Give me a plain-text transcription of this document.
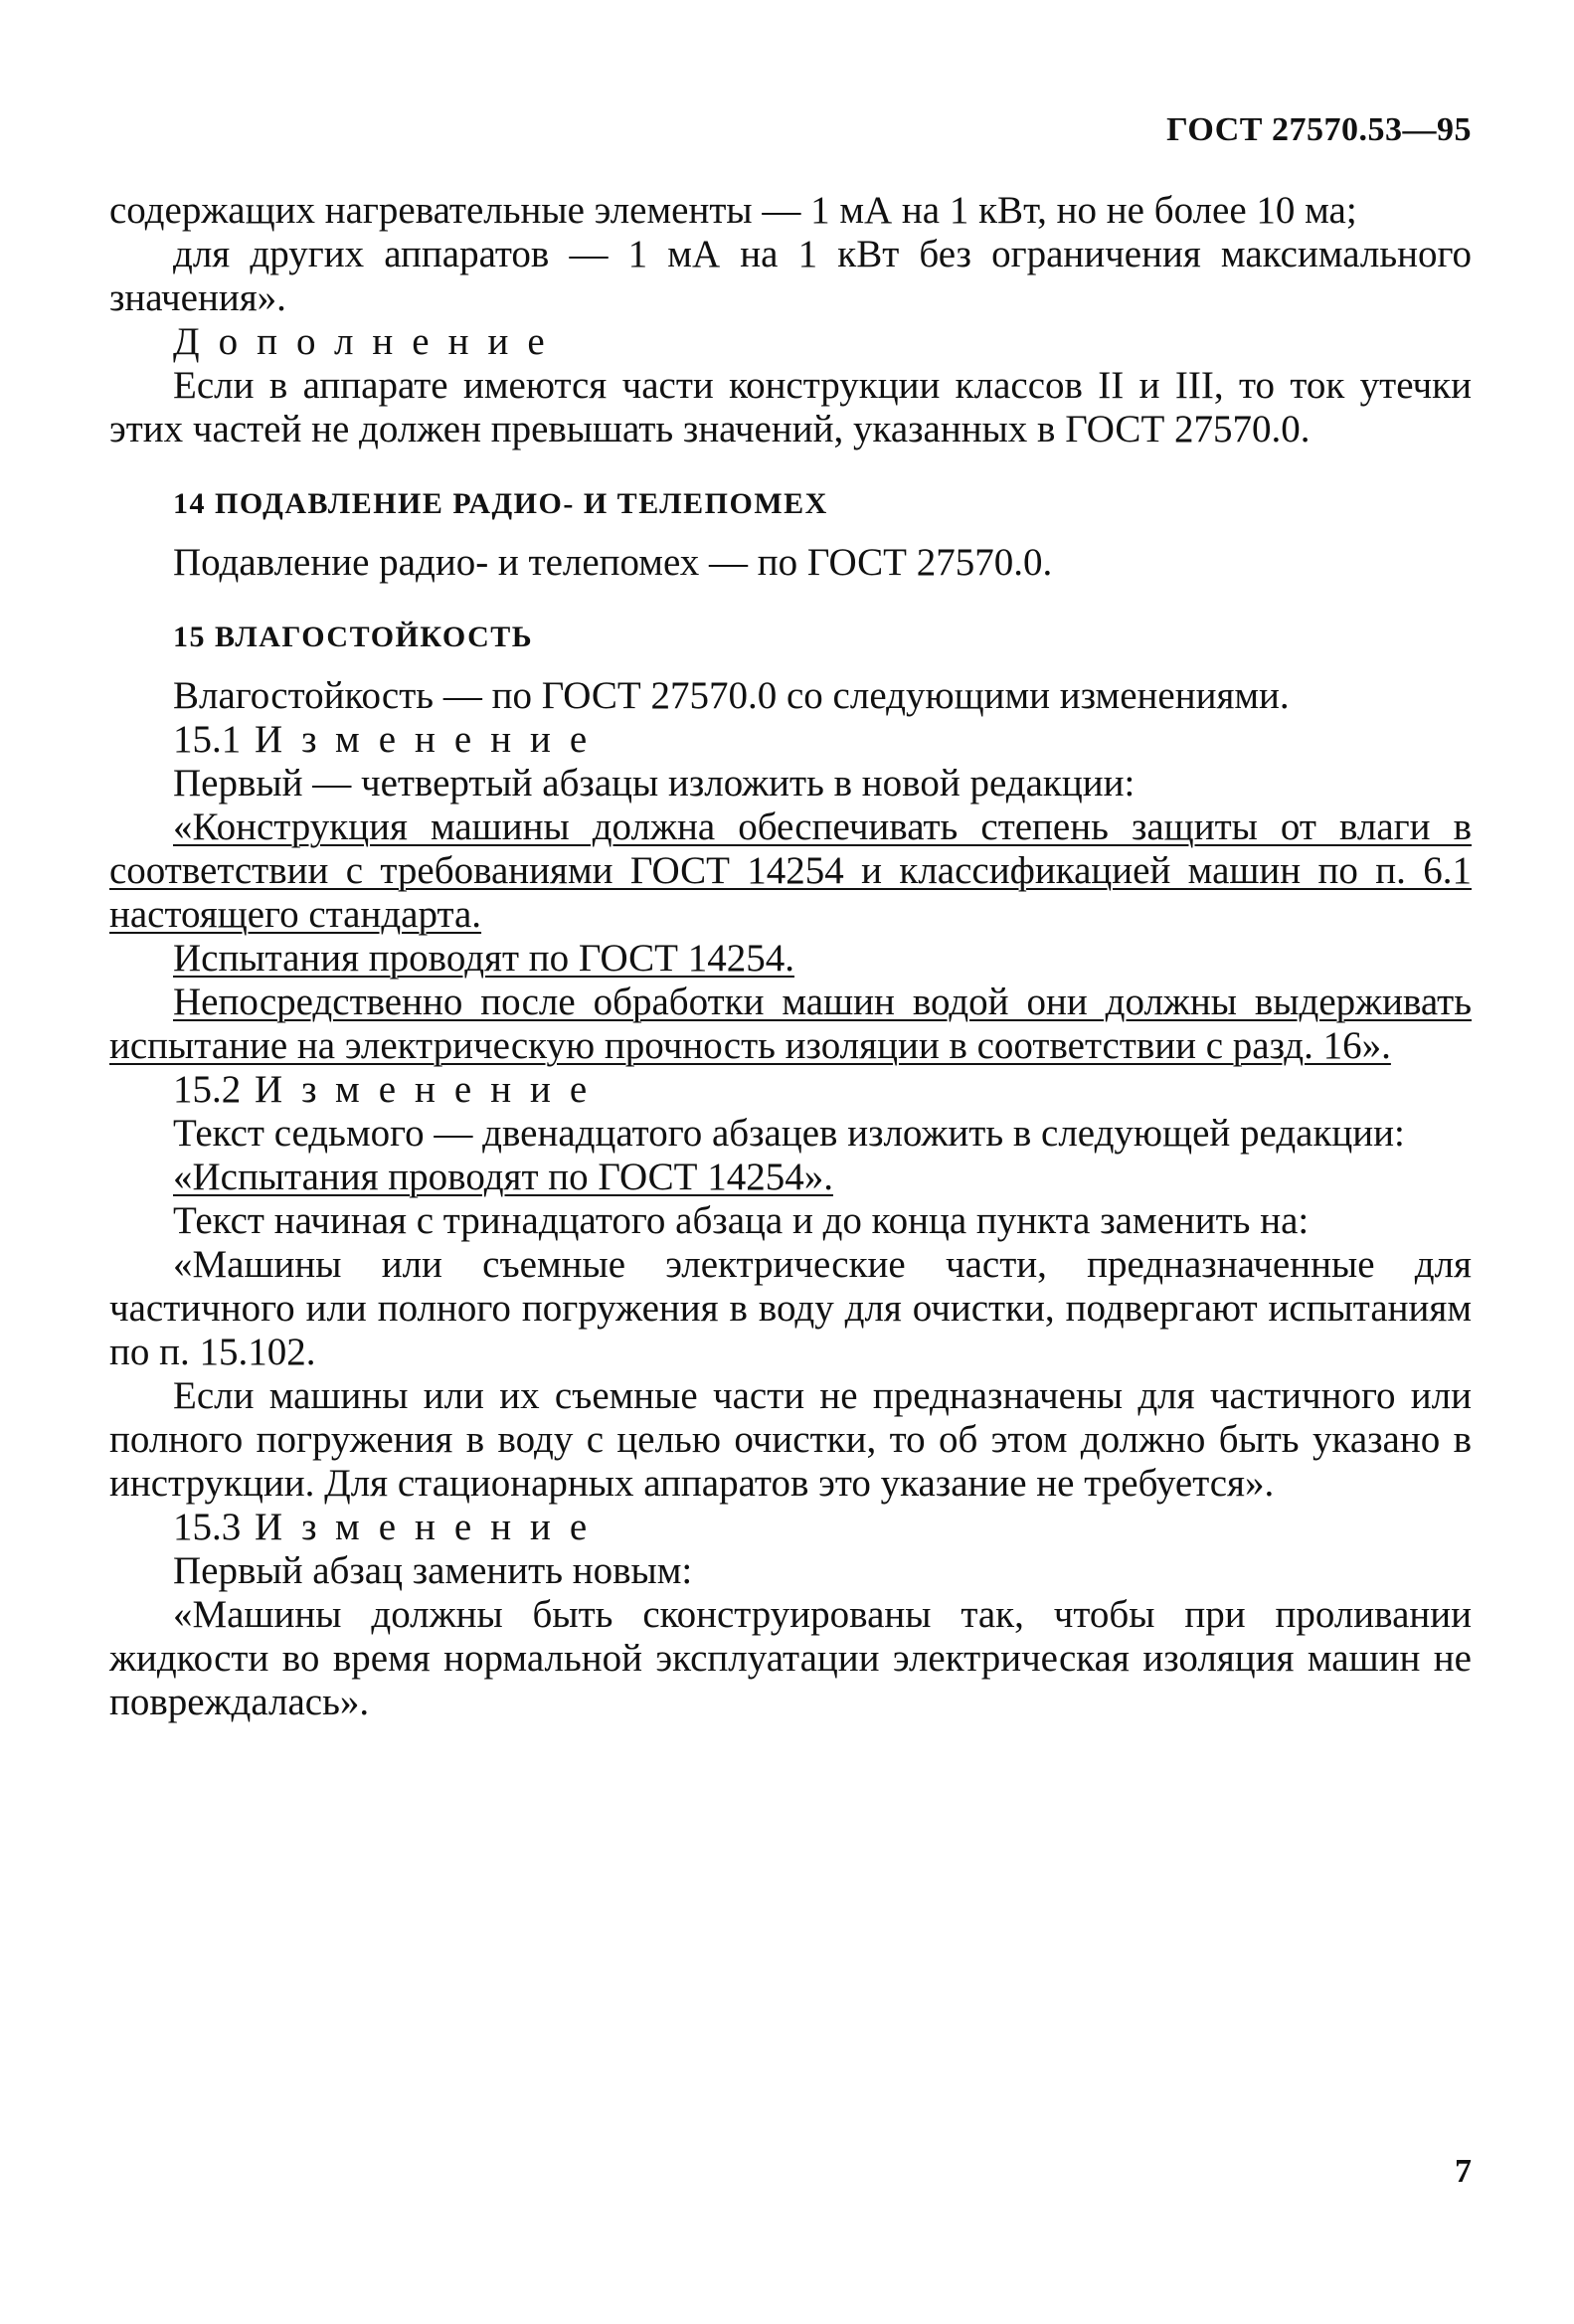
ГОСТ 27570.53—95

содержащих нагревательные элементы — 1 мА на 1 кВт, но не более 10 ма;

для других аппаратов — 1 мА на 1 кВт без ограничения максимального значения».

Дополнение

Если в аппарате имеются части конструкции классов II и III, то ток утечки этих частей не должен превышать значений, указанных в ГОСТ 27570.0.

14 ПОДАВЛЕНИЕ РАДИО- И ТЕЛЕПОМЕХ

Подавление радио- и телепомех — по ГОСТ 27570.0.

15 ВЛАГОСТОЙКОСТЬ

Влагостойкость — по ГОСТ 27570.0 со следующими изменениями.

15.1 Изменение

Первый — четвертый абзацы изложить в новой редакции:

«Конструкция машины должна обеспечивать степень защиты от влаги в соответствии с требованиями ГОСТ 14254 и классификацией машин по п. 6.1 настоящего стандарта.

Испытания проводят по ГОСТ 14254.

Непосредственно после обработки машин водой они должны выдерживать испытание на электрическую прочность изоляции в соответствии с разд. 16».

15.2 Изменение

Текст седьмого — двенадцатого абзацев изложить в следующей редакции:

«Испытания проводят по ГОСТ 14254».

Текст начиная с тринадцатого абзаца и до конца пункта заменить на:

«Машины или съемные электрические части, предназначенные для частичного или полного погружения в воду для очистки, подвергают испытаниям по п. 15.102.

Если машины или их съемные части не предназначены для частичного или полного погружения в воду с целью очистки, то об этом должно быть указано в инструкции. Для стационарных аппаратов это указание не требуется».

15.3 Изменение

Первый абзац заменить новым:

«Машины должны быть сконструированы так, чтобы при проливании жидкости во время нормальной эксплуатации электрическая изоляция машин не повреждалась».

7
